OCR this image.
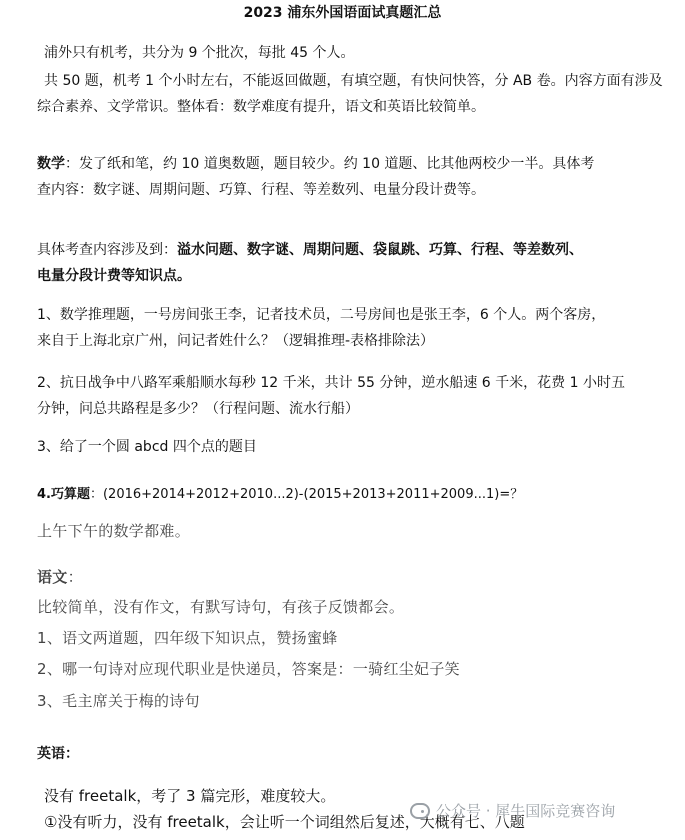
2023 浦东外国语面试真题汇总
浦外只有机考，共分为 9 个批次，每批 45 个人。
共 50 题，机考 1 个小时左右，不能返回做题，有填空题，有快问快答，分 AB 卷。内容方面有涉及
综合素养、文学常识。整体看：数学难度有提升，语文和英语比较简单。
数学：发了纸和笔，约 10 道奥数题，题目较少。约 10 道题、比其他两校少一半。具体考
查内容：数字谜、周期问题、巧算、行程、等差数列、电量分段计费等。
具体考查内容涉及到：溢水问题、数字谜、周期问题、袋鼠跳、巧算、行程、等差数列、
电量分段计费等知识点。
1、数学推理题，一号房间张王李，记者技术员，二号房间也是张王李，6 个人。两个客房，
来自于上海北京广州，问记者姓什么？（逻辑推理-表格排除法）
2、抗日战争中八路军乘船顺水每秒 12 千米，共计 55 分钟，逆水船速 6 千米，花费 1 小时五
分钟，问总共路程是多少？（行程问题、流水行船）
3、给了一个圆 abcd 四个点的题目
4.巧算题：(2016+2014+2012+2010...2)-(2015+2013+2011+2009...1)=？
上午下午的数学都难。
语文：
比较简单，没有作文，有默写诗句，有孩子反馈都会。
1、语文两道题，四年级下知识点，赞扬蜜蜂
2、哪一句诗对应现代职业是快递员，答案是：一骑红尘妃子笑
3、毛主席关于梅的诗句
英语：
没有 freetalk，考了 3 篇完形，难度较大。
①没有听力，没有 freetalk，会让听一个词组然后复述，大概有七、八题
公众号 · 犀牛国际竞赛咨询
